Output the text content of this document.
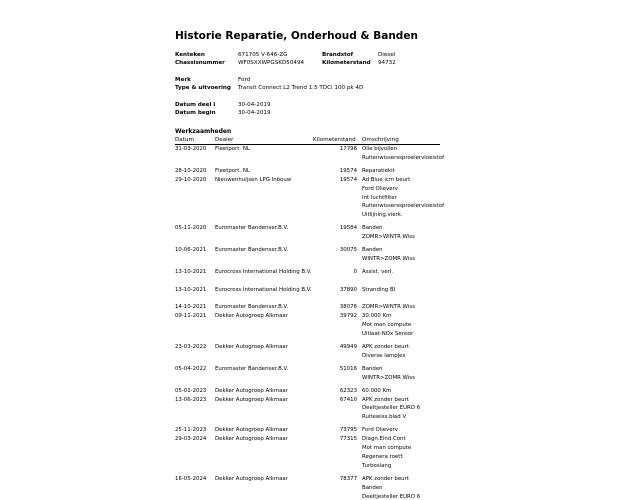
Historie Reparatie, Onderhoud & Banden
Kenteken	671705 V-646-ZG	Brandstof	Diesel
Chassisnummer WF0SXXWPGSKD50494	Kilometerstand 94732
Merk	Ford
Type & uitvoering Transit Connect L2 Trend 1.5 TDCi 100 pk 4D
Datum deel I	30-04-2019
Datum begin	30-04-2019
Werkzaamheden
Datum	Dealer	Kilometerstand Omschrijving
31-03-2020 Fleetport. NL	17796 Olie bijvullen
Ruitenwisserssproeiervloeistof
28-10-2020 Fleetport. NL	19574 Reparatiekit
29-10-2020 Nieuwenhuijsen LPG Inbouw	19574 Ad Blue icm beurt
Ford Olieverv
Int luchtfilter
Ruitenwisserssproeiervloeistof
Uitlijning.vierk.
05-11-2020 Euromaster Bandenser.B.V.	19584 Banden
ZOMR>WINTR Wiss
10-06-2021 Euromaster Bandenser.B.V.	30075 Banden
WINTR>ZOMR Wiss
13-10-2021 Eurocross International Holding B.V.	0 Assist. verl.
13-10-2021 Eurocross International Holding B.V.	37890 Stranding BI
14-10-2021 Euromaster Bandenser.B.V.	38076 ZOMR>WINTR Wiss
09-11-2021 Dekker Autogroep Alkmaar	39792 30.000 Km
Mot man compute
Uitlaat-NOx Sensor
23-03-2022 Dekker Autogroep Alkmaar	49949 APK zonder beurt
Diverse lampjes
05-04-2022 Euromaster Bandenser.B.V.	51016 Banden
WINTR>ZOMR Wiss
05-01-2023 Dekker Autogroep Alkmaar	62323 60.000 Km
13-06-2023 Dekker Autogroep Alkmaar	67410 APK zonder beurt
Deeltjesteller EURO 6
Ruitewiss.blad V
25-11-2023 Dekker Autogroep Alkmaar	73795 Ford Olieverv
29-03-2024 Dekker Autogroep Alkmaar	77315 Diagn.Eind.Cont
Mot man compute
Regenera.roetf.
Turboslang
16-05-2024 Dekker Autogroep Alkmaar	78377 APK zonder beurt
Banden
Deeltjesteller EURO 6
